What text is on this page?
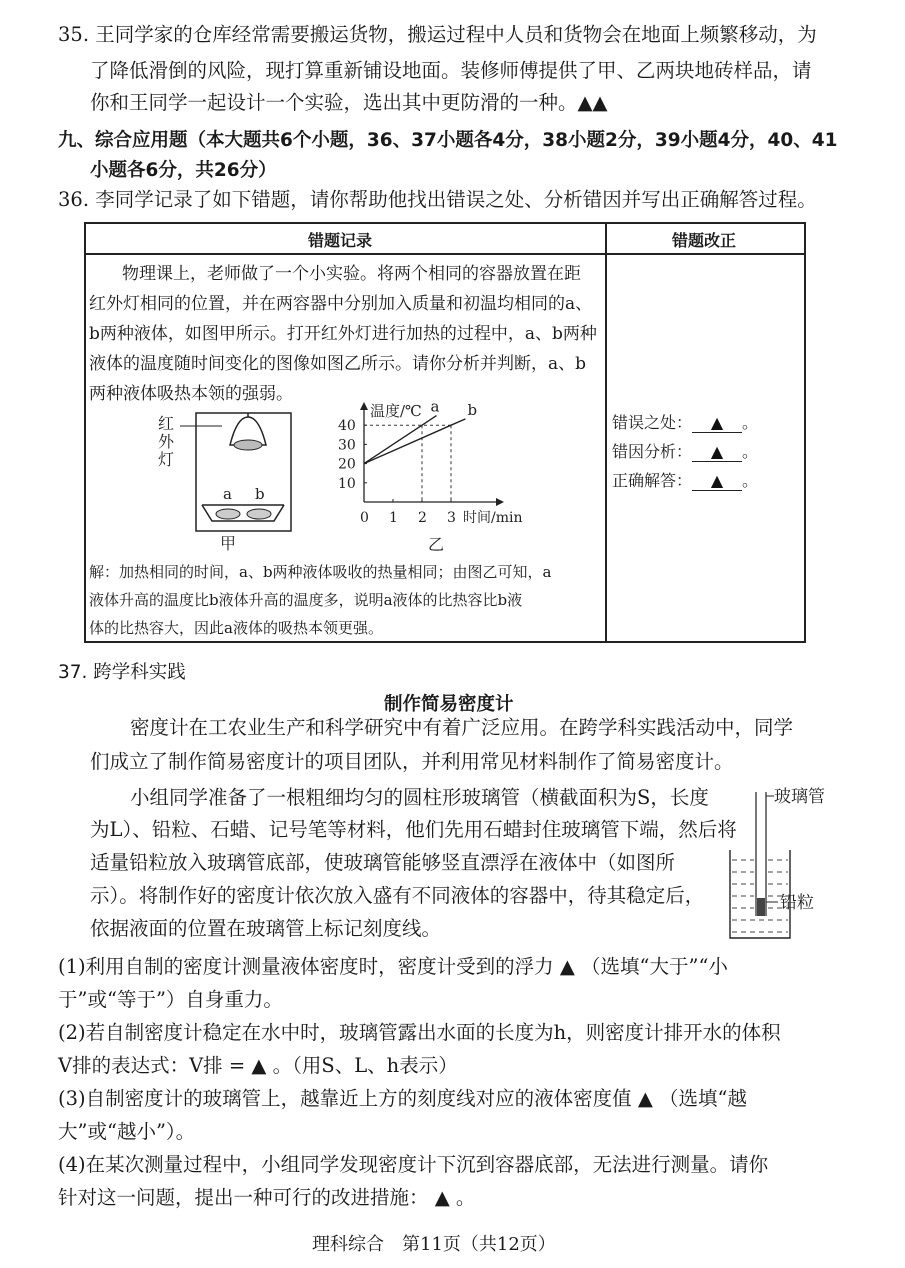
35. 王同学家的仓库经常需要搬运货物，搬运过程中人员和货物会在地面上频繁移动，为
了降低滑倒的风险，现打算重新铺设地面。装修师傅提供了甲、乙两块地砖样品，请
你和王同学一起设计一个实验，选出其中更防滑的一种。▲▲
九、综合应用题（本大题共6个小题，36、37小题各4分，38小题2分，39小题4分，40、41
小题各6分，共26分）
36. 李同学记录了如下错题，请你帮助他找出错误之处、分析错因并写出正确解答过程。
错题记录	错题改正
物理课上，老师做了一个小实验。将两个相同的容器放置在距
红外灯相同的位置，并在两容器中分别加入质量和初温均相同的a、
b两种液体，如图甲所示。打开红外灯进行加热的过程中，a、b两种
液体的温度随时间变化的图像如图乙所示。请你分析并判断，a、b
两种液体吸热本领的强弱。
红
外
灯
a b
甲
温度/℃
时间/min
0 1 2 3
10
20
30
40
a b
乙
解：加热相同的时间，a、b两种液体吸收的热量相同；由图乙可知，a
液体升高的温度比b液体升高的温度多，说明a液体的比热容比b液
体的比热容大，因此a液体的吸热本领更强。
错误之处： ▲ 。
错因分析： ▲ 。
正确解答： ▲ 。
37. 跨学科实践
制作简易密度计
密度计在工农业生产和科学研究中有着广泛应用。在跨学科实践活动中，同学
们成立了制作简易密度计的项目团队，并利用常见材料制作了简易密度计。
小组同学准备了一根粗细均匀的圆柱形玻璃管（横截面积为S，长度
为L）、铅粒、石蜡、记号笔等材料，他们先用石蜡封住玻璃管下端，然后将
适量铅粒放入玻璃管底部，使玻璃管能够竖直漂浮在液体中（如图所
示）。将制作好的密度计依次放入盛有不同液体的容器中，待其稳定后，
依据液面的位置在玻璃管上标记刻度线。
玻璃管
铅粒
(1)利用自制的密度计测量液体密度时，密度计受到的浮力 ▲ （选填“大于”“小
于”或“等于”）自身重力。
(2)若自制密度计稳定在水中时，玻璃管露出水面的长度为h，则密度计排开水的体积
V排的表达式：V排 = ▲ 。（用S、L、h表示）
(3)自制密度计的玻璃管上，越靠近上方的刻度线对应的液体密度值 ▲ （选填“越
大”或“越小”）。
(4)在某次测量过程中，小组同学发现密度计下沉到容器底部，无法进行测量。请你
针对这一问题，提出一种可行的改进措施： ▲ 。
理科综合　第11页（共12页）
